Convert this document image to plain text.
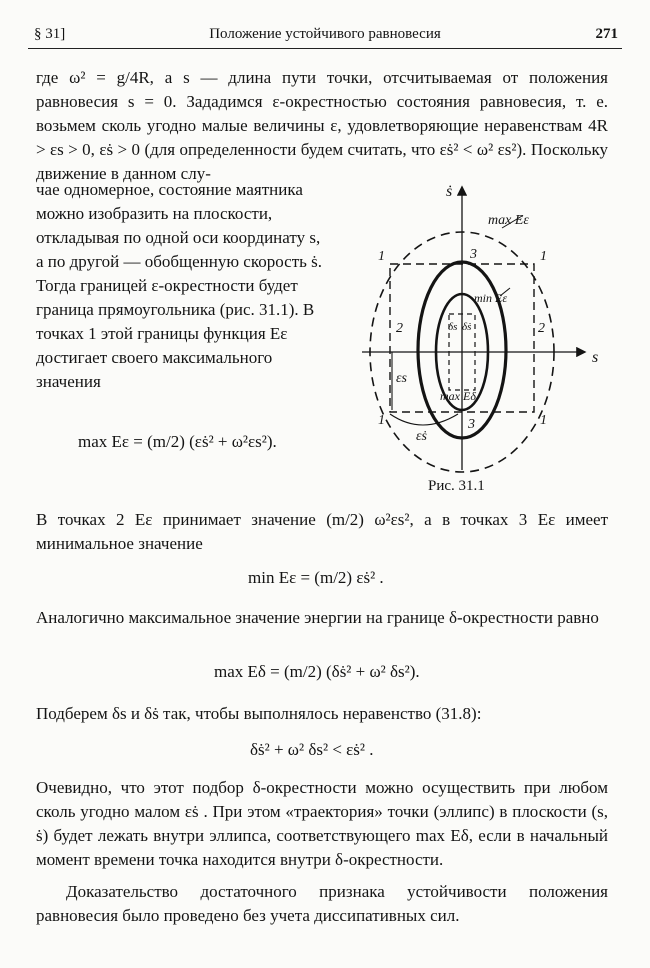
§ 31]	Положение устойчивого равновесия	271

где ω² = g/4R, а s — длина пути точки, отсчитываемая от положения равновесия s = 0. Зададимся ε-окрестностью состояния равновесия, т. е. возьмем сколь угодно малые величины ε, удовлетворяющие неравенствам 4R > εs > 0, εṡ > 0 (для определенности будем считать, что εṡ² < ω² εs²). Поскольку движение в данном слу-

чае одномерное, состояние маятника можно изобразить на плоскости, откладывая по одной оси координату s, а по другой — обобщенную скорость ṡ. Тогда границей ε-окрестности будет граница прямоугольника (рис. 31.1). В точках 1 этой границы функция Eε достигает своего максимального значения

max Eε = (m/2) (εṡ² + ω²εs²).
ṡ
s
max Eε
min Eε
max Eδ
δs δṡ
εs
εṡ
1	1
1	1
2	2
3
3
Рис. 31.1

В точках 2 Eε принимает значение (m/2) ω²εs², а в точках 3 Eε имеет минимальное значение

min Eε = (m/2) εṡ² .

Аналогично максимальное значение энергии на границе δ-окрестности равно

max Eδ = (m/2) (δṡ² + ω² δs²).

Подберем δs и δṡ так, чтобы выполнялось неравенство (31.8):

δṡ² + ω² δs² < εṡ² .

Очевидно, что этот подбор δ-окрестности можно осуществить при любом сколь угодно малом εṡ . При этом «траектория» точки (эллипс) в плоскости (s, ṡ) будет лежать внутри эллипса, соответствующего max Eδ, если в начальный момент времени точка находится внутри δ-окрестности.

Доказательство достаточного признака устойчивости положения равновесия было проведено без учета диссипативных сил.
